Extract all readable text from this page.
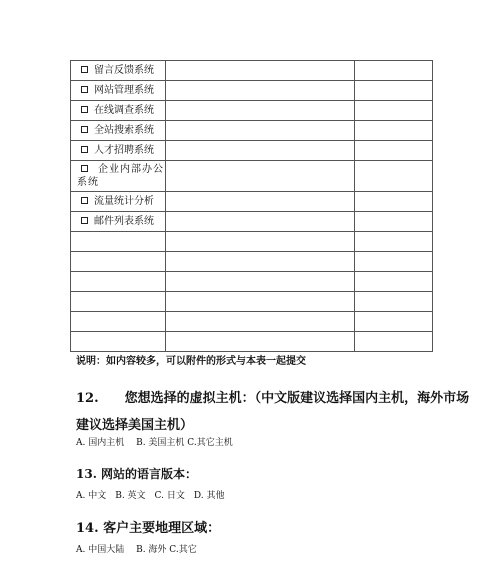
留言反馈系统		

网站管理系统		

在线调查系统		

全站搜索系统		

人才招聘系统		

企业内部办公系统		

流量统计分析		

邮件列表系统		

说明：如内容较多，可以附件的形式与本表一起提交
12. 您想选择的虚拟主机：（中文版建议选择国内主机，海外市场
建议选择美国主机）
A. 国内主机　 B. 美国主机 C.其它主机
13. 网站的语言版本：
A. 中文　B. 英文　C. 日文　D. 其他
14. 客户主要地理区域：
A. 中国大陆　 B. 海外 C.其它
